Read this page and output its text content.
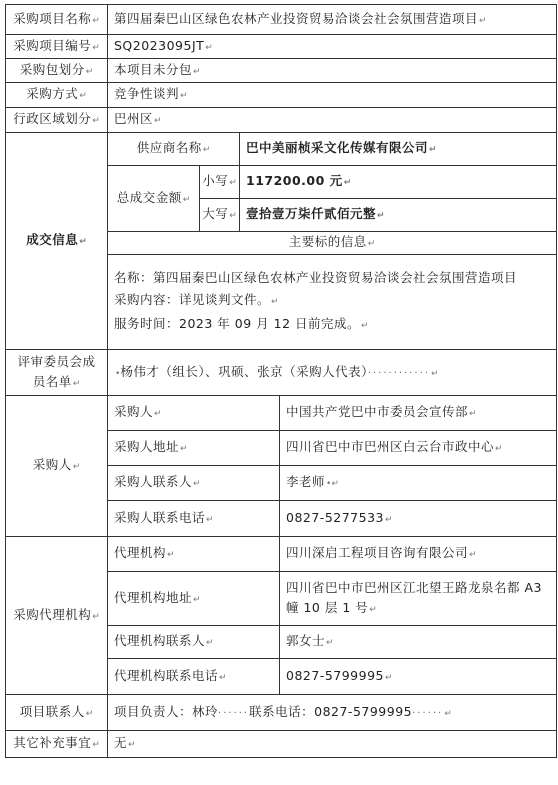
采购项目名称↵	第四届秦巴山区绿色农林产业投资贸易洽谈会社会氛围营造项目↵			
采购项目编号↵	SQ2023095JT↵			
采购包划分↵	本项目未分包↵			
采购方式↵	竞争性谈判↵			
行政区域划分↵	巴州区↵			
成交信息↵	供应商名称↵		巴中美丽桢采文化传媒有限公司↵	
	总成交金额↵	小写↵	117200.00 元↵	
		大写↵	壹拾壹万柒仟贰佰元整↵	
	主要标的信息↵			

	名称：第四届秦巴山区绿色农林产业投资贸易洽谈会社会氛围营造项目
采购内容：详见谈判文件。↵
服务时间：2023 年 09 月 12 日前完成。↵			

评审委员会成
员名单↵	•杨伟才（组长）、巩硕、张京（采购人代表）············↵			
采购人↵	采购人↵			中国共产党巴中市委员会宣传部↵
	采购人地址↵			四川省巴中市巴州区白云台市政中心↵
	采购人联系人↵			李老师•↵
	采购人联系电话↵			0827-5277533↵
采购代理机构↵	代理机构↵			四川深启工程项目咨询有限公司↵
	代理机构地址↵			四川省巴中市巴州区江北望王路龙泉名都 A3 幢 10 层 1 号↵
	代理机构联系人↵			郭女士↵
	代理机构联系电话↵			0827-5799995↵
项目联系人↵	项目负责人：林玲······联系电话：0827-5799995······↵			
其它补充事宜↵	无↵			
